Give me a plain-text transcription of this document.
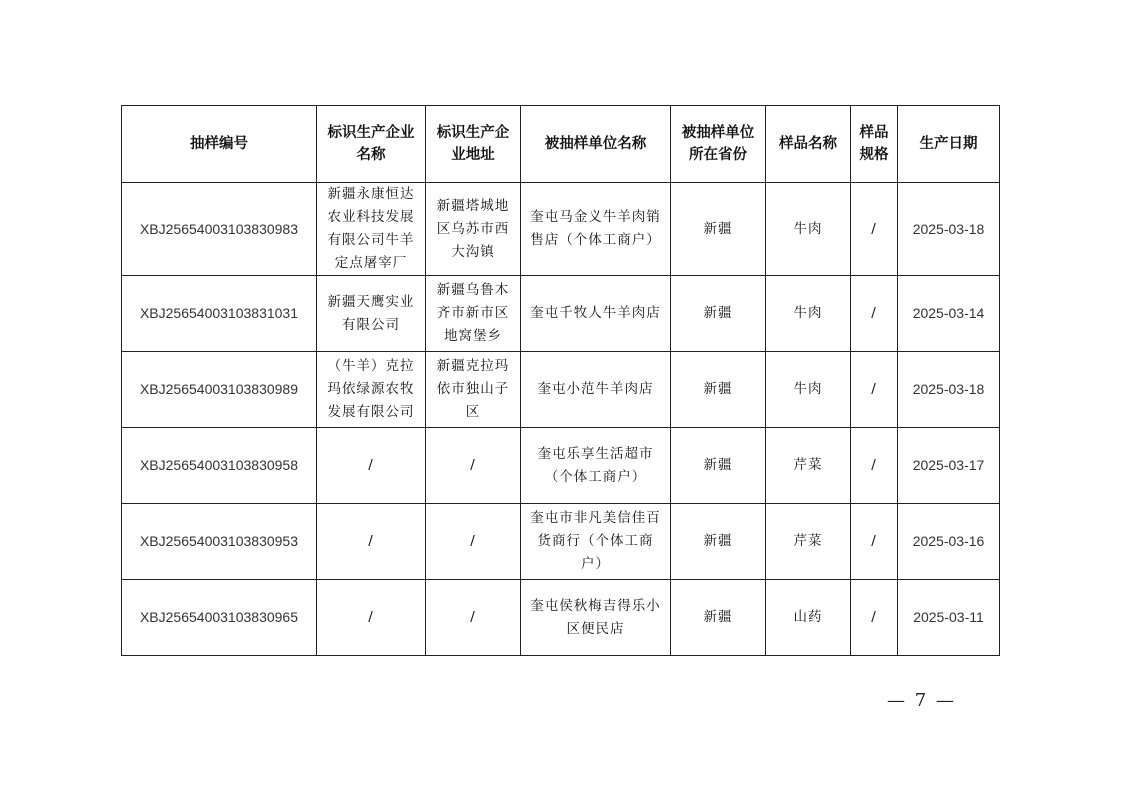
抽样编号	标识生产企业名称	标识生产企业地址	被抽样单位名称	被抽样单位所在省份	样品名称	样品规格	生产日期
XBJ25654003103830983	新疆永康恒达农业科技发展有限公司牛羊定点屠宰厂	新疆塔城地区乌苏市西大沟镇	奎屯马金义牛羊肉销售店（个体工商户）	新疆	牛肉	/	2025-03-18
XBJ25654003103831031	新疆天鹰实业有限公司	新疆乌鲁木齐市新市区地窝堡乡	奎屯千牧人牛羊肉店	新疆	牛肉	/	2025-03-14
XBJ25654003103830989	（牛羊）克拉玛依绿源农牧发展有限公司	新疆克拉玛依市独山子区	奎屯小范牛羊肉店	新疆	牛肉	/	2025-03-18
XBJ25654003103830958	/	/	奎屯乐享生活超市（个体工商户）	新疆	芹菜	/	2025-03-17
XBJ25654003103830953	/	/	奎屯市非凡美信佳百货商行（个体工商户）	新疆	芹菜	/	2025-03-16
XBJ25654003103830965	/	/	奎屯侯秋梅吉得乐小区便民店	新疆	山药	/	2025-03-11
— 7 —
